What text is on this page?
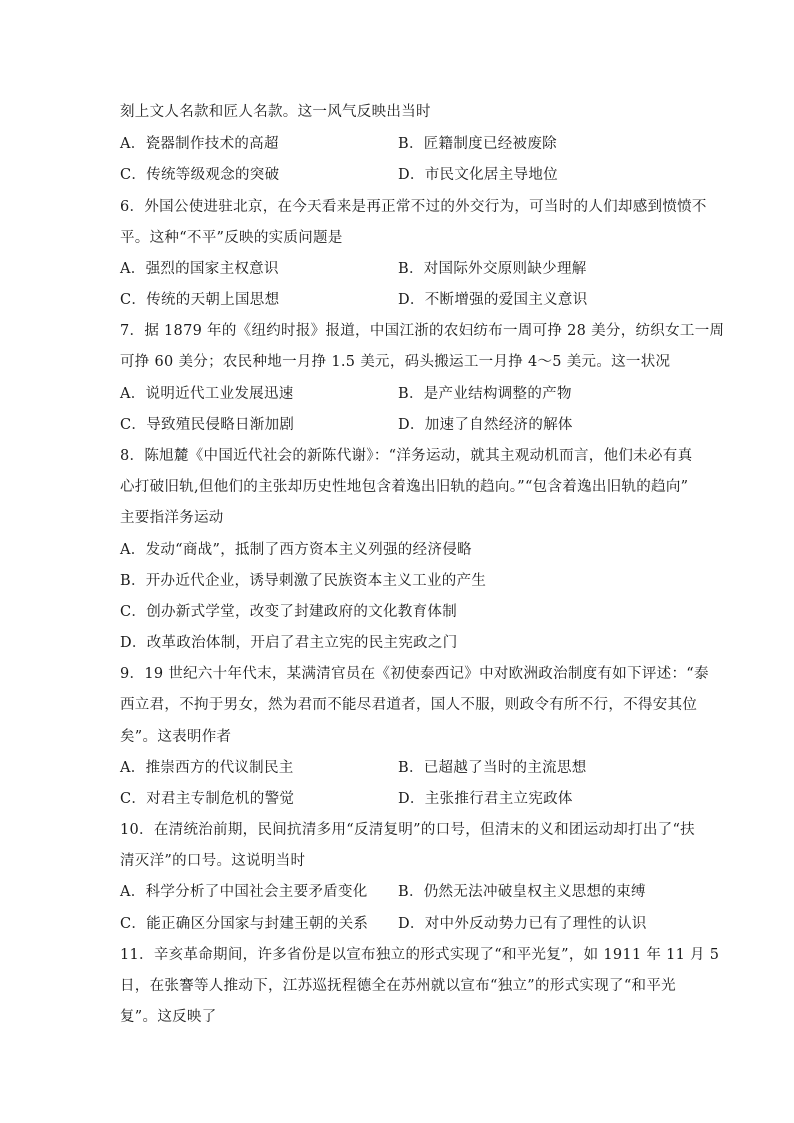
刻上文人名款和匠人名款。这一风气反映出当时
A．瓷器制作技术的高超	B．匠籍制度已经被废除
C．传统等级观念的突破	D．市民文化居主导地位
6．外国公使进驻北京，在今天看来是再正常不过的外交行为，可当时的人们却感到愤愤不
平。这种“不平”反映的实质问题是
A．强烈的国家主权意识	B．对国际外交原则缺少理解
C．传统的天朝上国思想	D．不断增强的爱国主义意识
7．据 1879 年的《纽约时报》报道，中国江浙的农妇纺布一周可挣 28 美分，纺织女工一周
可挣 60 美分；农民种地一月挣 1.5 美元，码头搬运工一月挣 4～5 美元。这一状况
A．说明近代工业发展迅速	B．是产业结构调整的产物
C．导致殖民侵略日渐加剧	D．加速了自然经济的解体
8．陈旭麓《中国近代社会的新陈代谢》：“洋务运动，就其主观动机而言，他们未必有真
心打破旧轨,但他们的主张却历史性地包含着逸出旧轨的趋向。”“包含着逸出旧轨的趋向”
主要指洋务运动
A．发动“商战”，抵制了西方资本主义列强的经济侵略
B．开办近代企业，诱导刺激了民族资本主义工业的产生
C．创办新式学堂，改变了封建政府的文化教育体制
D．改革政治体制，开启了君主立宪的民主宪政之门
9．19 世纪六十年代末，某满清官员在《初使泰西记》中对欧洲政治制度有如下评述：“泰
西立君，不拘于男女，然为君而不能尽君道者，国人不服，则政令有所不行，不得安其位
矣”。这表明作者
A．推崇西方的代议制民主	B．已超越了当时的主流思想
C．对君主专制危机的警觉	D．主张推行君主立宪政体
10．在清统治前期，民间抗清多用“反清复明”的口号，但清末的义和团运动却打出了“扶
清灭洋”的口号。这说明当时
A．科学分析了中国社会主要矛盾变化 B．仍然无法冲破皇权主义思想的束缚
C．能正确区分国家与封建王朝的关系 D．对中外反动势力已有了理性的认识
11．辛亥革命期间，许多省份是以宣布独立的形式实现了“和平光复”，如 1911 年 11 月 5
日，在张謇等人推动下，江苏巡抚程德全在苏州就以宣布“独立”的形式实现了“和平光
复”。这反映了
